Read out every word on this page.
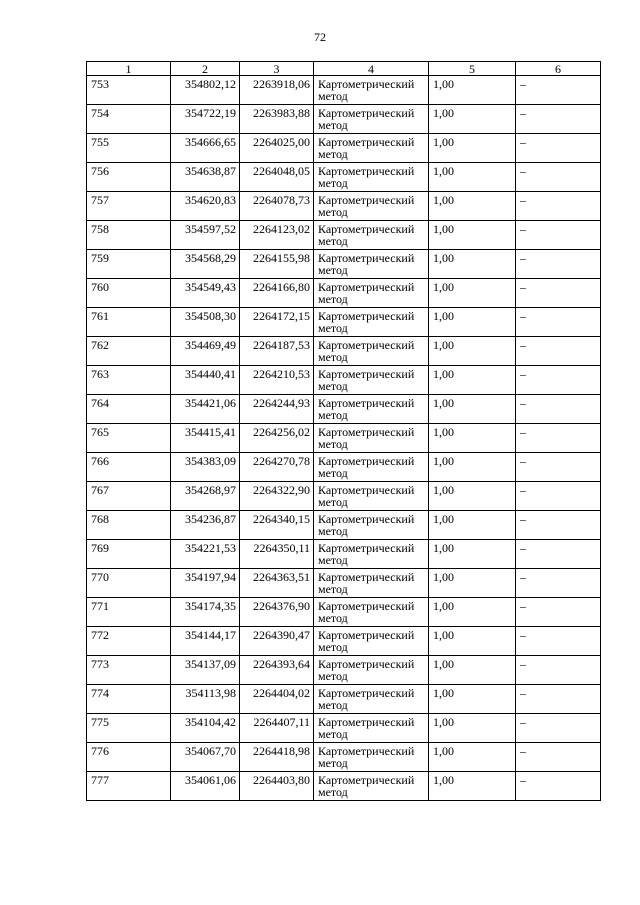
72
1	2	3	4	5	6
753	354802,12	2263918,06	Картометрический метод	1,00	–
754	354722,19	2263983,88	Картометрический метод	1,00	–
755	354666,65	2264025,00	Картометрический метод	1,00	–
756	354638,87	2264048,05	Картометрический метод	1,00	–
757	354620,83	2264078,73	Картометрический метод	1,00	–
758	354597,52	2264123,02	Картометрический метод	1,00	–
759	354568,29	2264155,98	Картометрический метод	1,00	–
760	354549,43	2264166,80	Картометрический метод	1,00	–
761	354508,30	2264172,15	Картометрический метод	1,00	–
762	354469,49	2264187,53	Картометрический метод	1,00	–
763	354440,41	2264210,53	Картометрический метод	1,00	–
764	354421,06	2264244,93	Картометрический метод	1,00	–
765	354415,41	2264256,02	Картометрический метод	1,00	–
766	354383,09	2264270,78	Картометрический метод	1,00	–
767	354268,97	2264322,90	Картометрический метод	1,00	–
768	354236,87	2264340,15	Картометрический метод	1,00	–
769	354221,53	2264350,11	Картометрический метод	1,00	–
770	354197,94	2264363,51	Картометрический метод	1,00	–
771	354174,35	2264376,90	Картометрический метод	1,00	–
772	354144,17	2264390,47	Картометрический метод	1,00	–
773	354137,09	2264393,64	Картометрический метод	1,00	–
774	354113,98	2264404,02	Картометрический метод	1,00	–
775	354104,42	2264407,11	Картометрический метод	1,00	–
776	354067,70	2264418,98	Картометрический метод	1,00	–
777	354061,06	2264403,80	Картометрический метод	1,00	–
